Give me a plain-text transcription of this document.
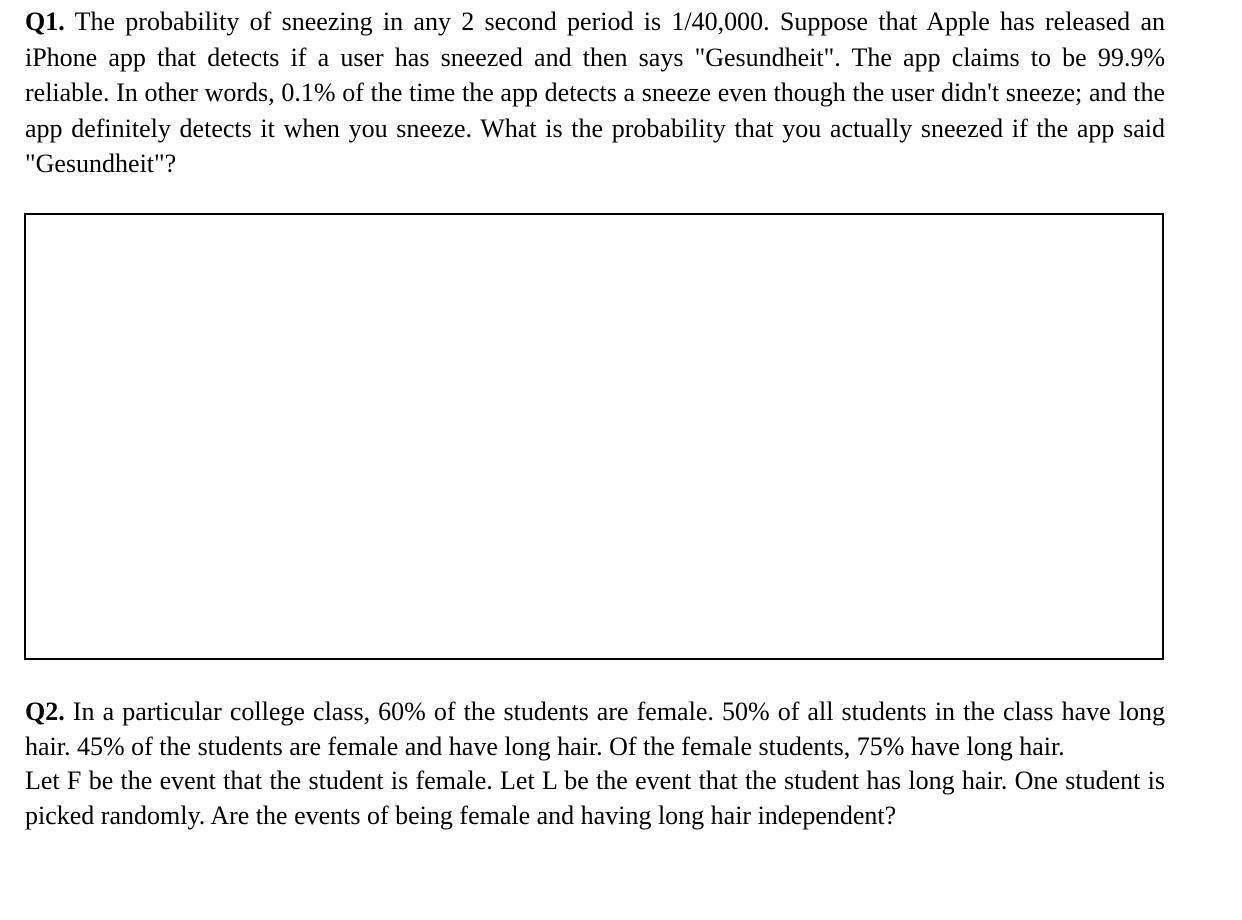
Q1. The probability of sneezing in any 2 second period is 1/40,000. Suppose that Apple has released an iPhone app that detects if a user has sneezed and then says "Gesundheit". The app claims to be 99.9% reliable. In other words, 0.1% of the time the app detects a sneeze even though the user didn't sneeze; and the app definitely detects it when you sneeze. What is the probability that you actually sneezed if the app said "Gesundheit"?

Q2. In a particular college class, 60% of the students are female. 50% of all students in the class have long hair. 45% of the students are female and have long hair. Of the female students, 75% have long hair.

Let F be the event that the student is female. Let L be the event that the student has long hair. One student is picked randomly. Are the events of being female and having long hair independent?
